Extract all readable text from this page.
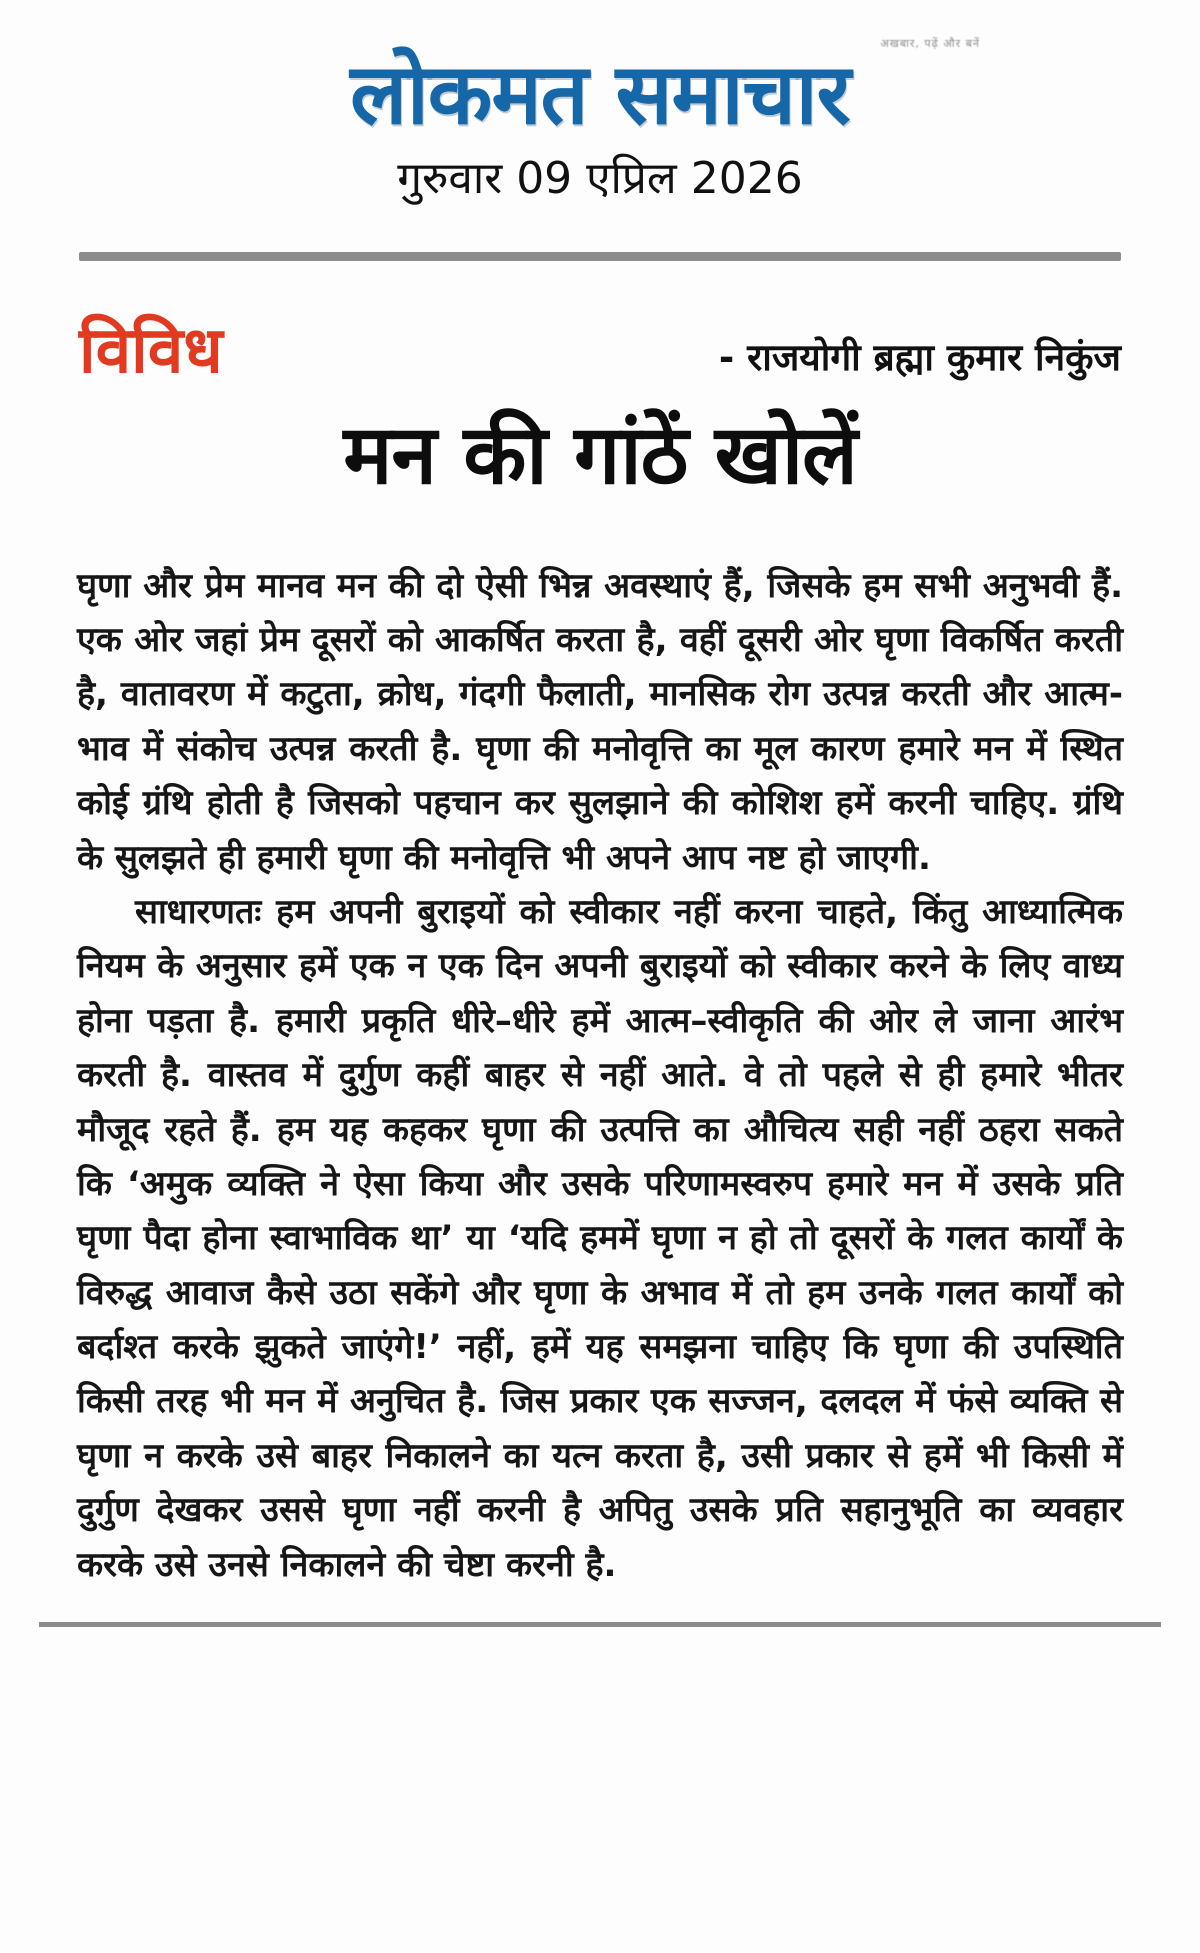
अखबार, पढ़ें और बनें
लोकमत समाचार
गुरुवार 09 एप्रिल 2026
विविध	- राजयोगी ब्रह्मा कुमार निकुंज
मन की गांठें खोलें

घृणा और प्रेम मानव मन की दो ऐसी भिन्न अवस्थाएं हैं, जिसके हम सभी अनुभवी हैं. एक ओर जहां प्रेम दूसरों को आकर्षित करता है, वहीं दूसरी ओर घृणा विकर्षित करती है, वातावरण में कटुता, क्रोध, गंदगी फैलाती, मानसिक रोग उत्पन्न करती और आत्म-भाव में संकोच उत्पन्न करती है. घृणा की मनोवृत्ति का मूल कारण हमारे मन में स्थित कोई ग्रंथि होती है जिसको पहचान कर सुलझाने की कोशिश हमें करनी चाहिए. ग्रंथि के सुलझते ही हमारी घृणा की मनोवृत्ति भी अपने आप नष्ट हो जाएगी.

साधारणतः हम अपनी बुराइयों को स्वीकार नहीं करना चाहते, किंतु आध्यात्मिक नियम के अनुसार हमें एक न एक दिन अपनी बुराइयों को स्वीकार करने के लिए वाध्य होना पड़ता है. हमारी प्रकृति धीरे–धीरे हमें आत्म–स्वीकृति की ओर ले जाना आरंभ करती है. वास्तव में दुर्गुण कहीं बाहर से नहीं आते. वे तो पहले से ही हमारे भीतर मौजूद रहते हैं. हम यह कहकर घृणा की उत्पत्ति का औचित्य सही नहीं ठहरा सकते कि ‘अमुक व्यक्ति ने ऐसा किया और उसके परिणामस्वरुप हमारे मन में उसके प्रति घृणा पैदा होना स्वाभाविक था’ या ‘यदि हममें घृणा न हो तो दूसरों के गलत कार्यों के विरुद्ध आवाज कैसे उठा सकेंगे और घृणा के अभाव में तो हम उनके गलत कार्यों को बर्दाश्त करके झुकते जाएंगे!’ नहीं, हमें यह समझना चाहिए कि घृणा की उपस्थिति किसी तरह भी मन में अनुचित है. जिस प्रकार एक सज्जन, दलदल में फंसे व्यक्ति से घृणा न करके उसे बाहर निकालने का यत्न करता है, उसी प्रकार से हमें भी किसी में दुर्गुण देखकर उससे घृणा नहीं करनी है अपितु उसके प्रति सहानुभूति का व्यवहार करके उसे उनसे निकालने की चेष्टा करनी है.
